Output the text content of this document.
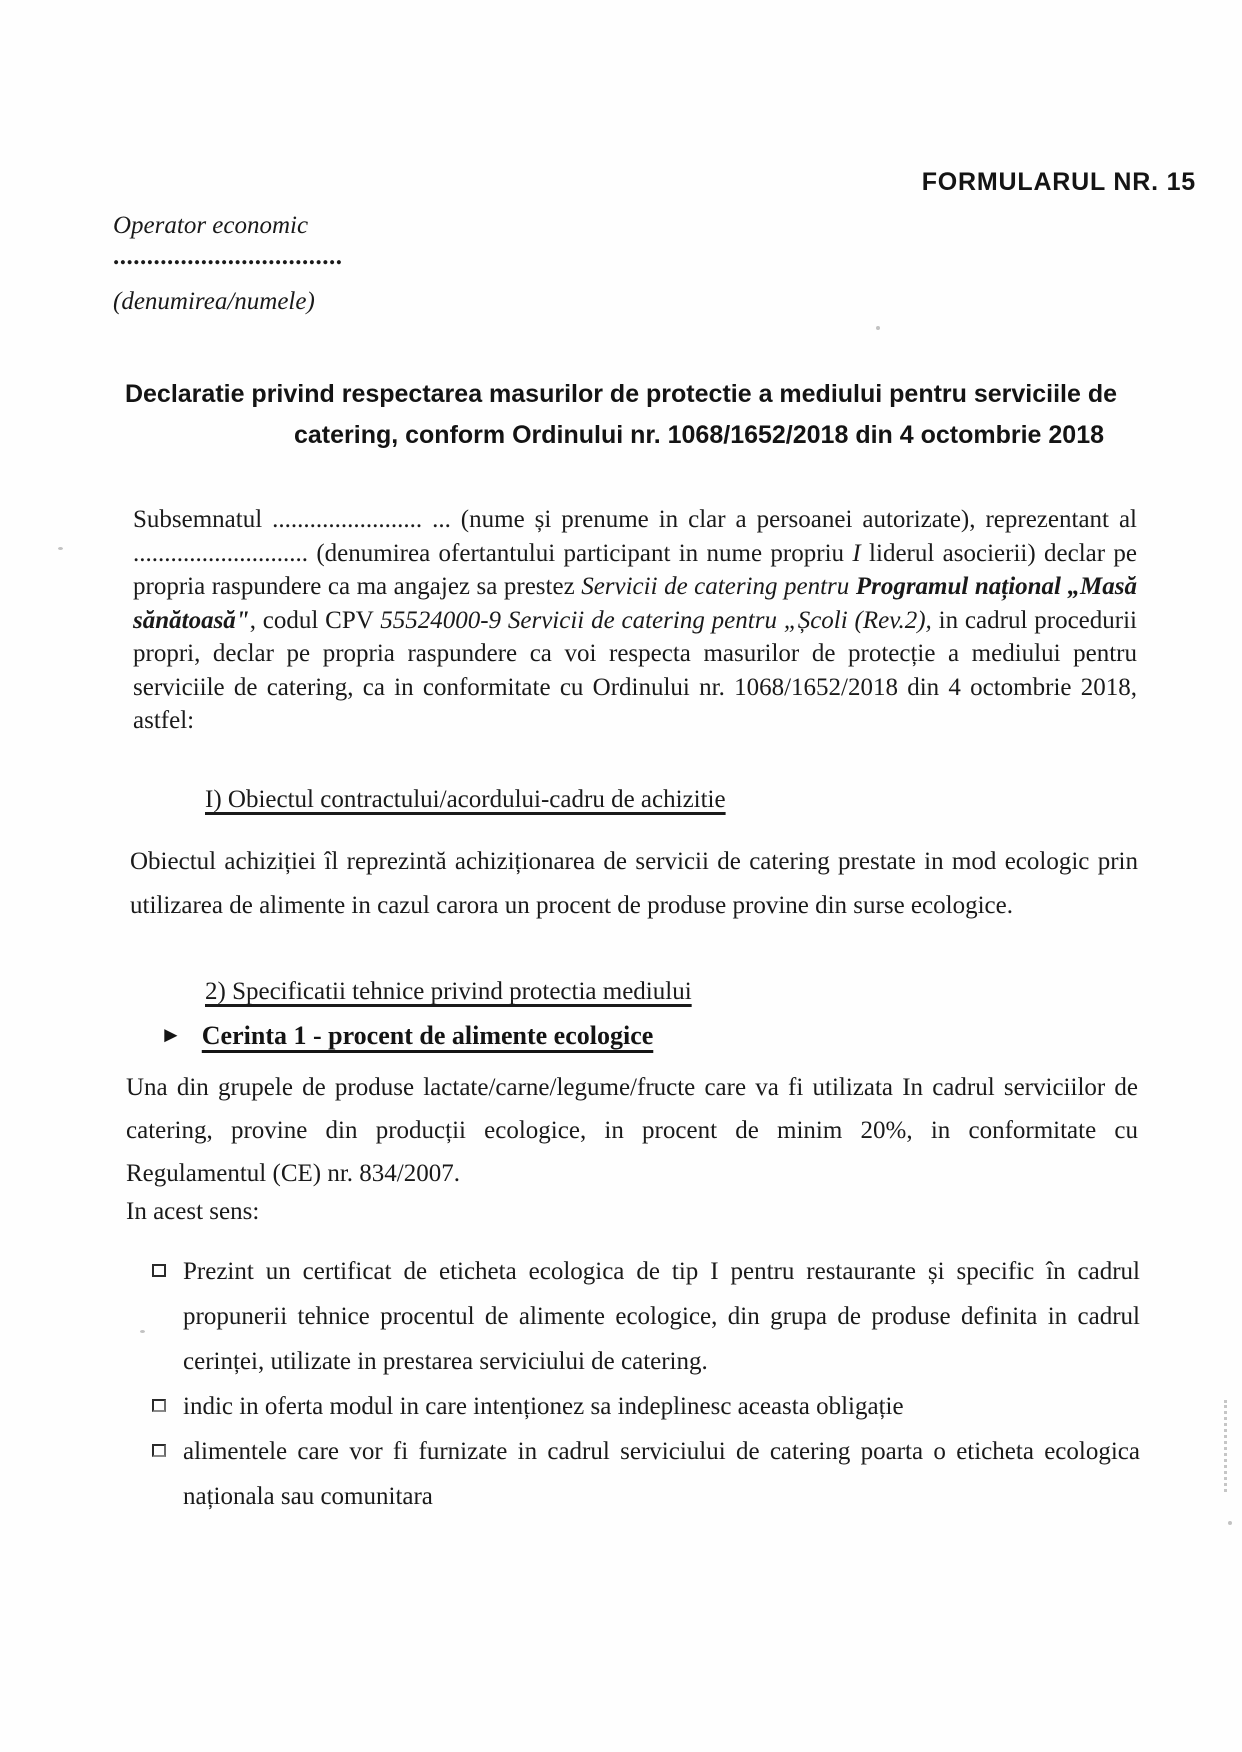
FORMULARUL NR. 15
Operator economic
..................................
(denumirea/numele)
Declaratie privind respectarea masurilor de protectie a mediului pentru serviciile de
catering, conform Ordinului nr. 1068/1652/2018 din 4 octombrie 2018

Subsemnatul ........................ ... (nume și prenume in clar a persoanei autorizate), reprezentant al ............................ (denumirea ofertantului participant in nume propriu I liderul asocierii) declar pe propria raspundere ca ma angajez sa prestez Servicii de catering pentru Programul național „Masă sănătoasă", codul CPV 55524000-9 Servicii de catering pentru „Școli (Rev.2), in cadrul procedurii propri, declar pe propria raspundere ca voi respecta masurilor de protecție a mediului pentru serviciile de catering, ca in conformitate cu Ordinului nr. 1068/1652/2018 din 4 octombrie 2018, astfel:

I) Obiectul contractului/acordului-cadru de achizitie

Obiectul achiziției îl reprezintă achiziționarea de servicii de catering prestate in mod ecologic prin utilizarea de alimente in cazul carora un procent de produse provine din surse ecologice.

2) Specificatii tehnice privind protectia mediului
► Cerinta 1 - procent de alimente ecologice

Una din grupele de produse lactate/carne/legume/fructe care va fi utilizata In cadrul serviciilor de catering, provine din producții ecologice, in procent de minim 20%, in conformitate cu Regulamentul (CE) nr. 834/2007.

In acest sens:
Prezint un certificat de eticheta ecologica de tip I pentru restaurante și specific în cadrul propunerii tehnice procentul de alimente ecologice, din grupa de produse definita in cadrul cerinței, utilizate in prestarea serviciului de catering.
indic in oferta modul in care intenționez sa indeplinesc aceasta obligație
alimentele care vor fi furnizate in cadrul serviciului de catering poarta o eticheta ecologica naționala sau comunitara
